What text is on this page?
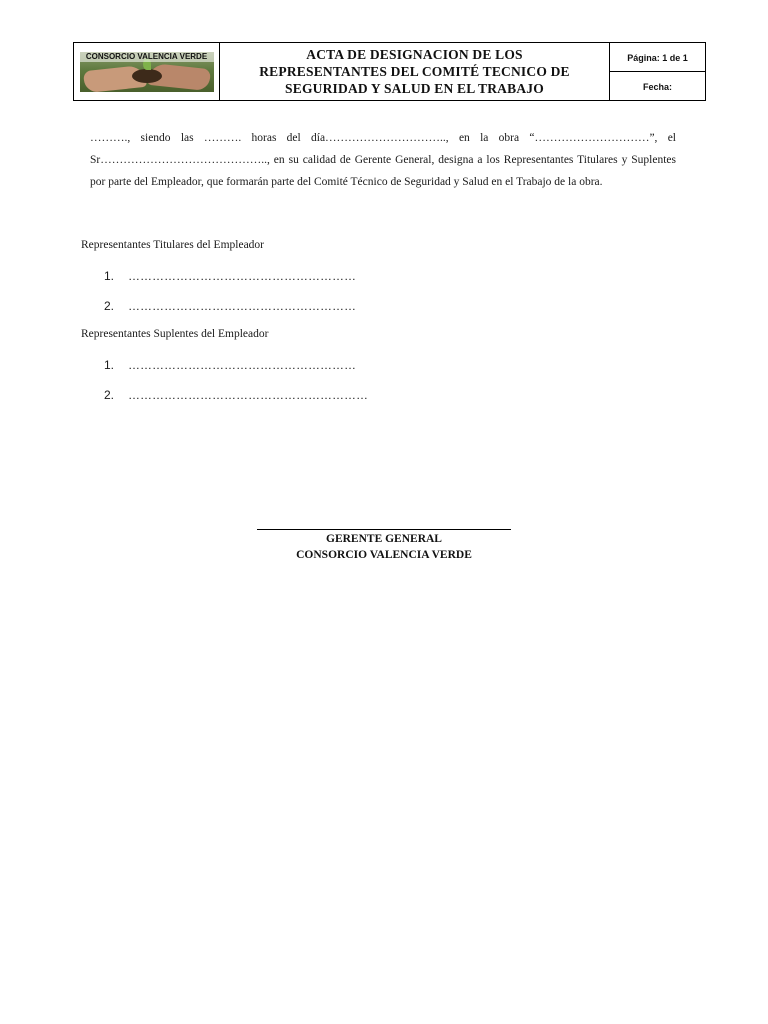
CONSORCIO VALENCIA VERDE	ACTA DE DESIGNACION DE LOS
REPRESENTANTES DEL COMITÉ TECNICO DE
SEGURIDAD Y SALUD EN EL TRABAJO

	Página: 1 de 1
Fecha:

………., siendo las ………. horas del día………………………….., en la obra “…………………………”, el Sr…………………………………….., en su calidad de Gerente General, designa a los Representantes Titulares y Suplentes por parte del Empleador, que formarán parte del Comité Técnico de Seguridad y Salud en el Trabajo de la obra.

Representantes Titulares del Empleador

1. …………………………………………………
2. …………………………………………………

Representantes Suplentes del Empleador

1. …………………………………………………
2. ……………………………………………………
GERENTE GENERAL
CONSORCIO VALENCIA VERDE
